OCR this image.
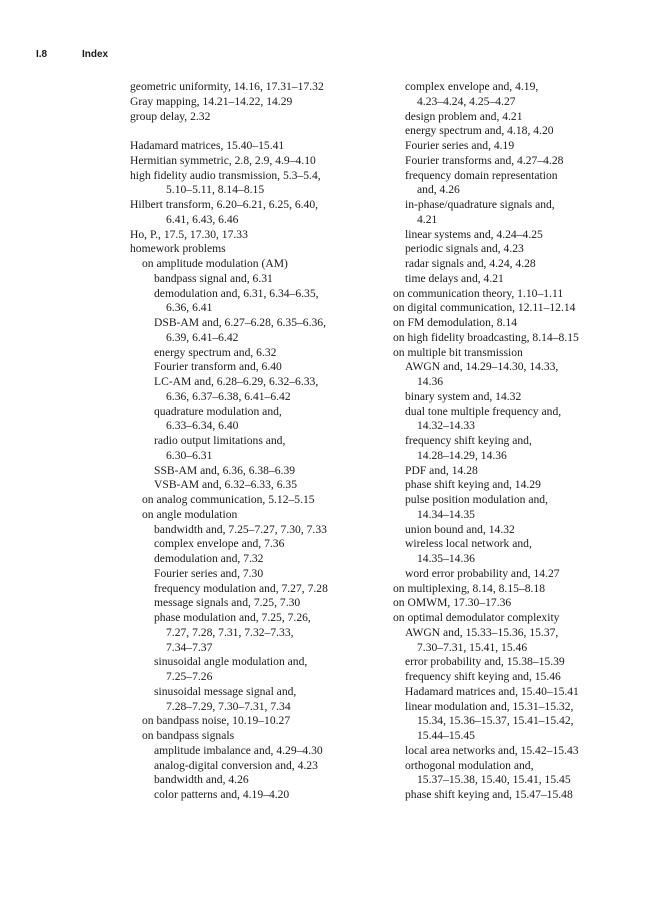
I.8	Index
geometric uniformity, 14.16, 17.31–17.32
Gray mapping, 14.21–14.22, 14.29
group delay, 2.32
Hadamard matrices, 15.40–15.41
Hermitian symmetric, 2.8, 2.9, 4.9–4.10
high fidelity audio transmission, 5.3–5.4,
5.10–5.11, 8.14–8.15
Hilbert transform, 6.20–6.21, 6.25, 6.40,
6.41, 6.43, 6.46
Ho, P., 17.5, 17.30, 17.33
homework problems
on amplitude modulation (AM)
bandpass signal and, 6.31
demodulation and, 6.31, 6.34–6.35,
6.36, 6.41
DSB-AM and, 6.27–6.28, 6.35–6.36,
6.39, 6.41–6.42
energy spectrum and, 6.32
Fourier transform and, 6.40
LC-AM and, 6.28–6.29, 6.32–6.33,
6.36, 6.37–6.38, 6.41–6.42
quadrature modulation and,
6.33–6.34, 6.40
radio output limitations and,
6.30–6.31
SSB-AM and, 6.36, 6.38–6.39
VSB-AM and, 6.32–6.33, 6.35
on analog communication, 5.12–5.15
on angle modulation
bandwidth and, 7.25–7.27, 7.30, 7.33
complex envelope and, 7.36
demodulation and, 7.32
Fourier series and, 7.30
frequency modulation and, 7.27, 7.28
message signals and, 7.25, 7.30
phase modulation and, 7.25, 7.26,
7.27, 7.28, 7.31, 7.32–7.33,
7.34–7.37
sinusoidal angle modulation and,
7.25–7.26
sinusoidal message signal and,
7.28–7.29, 7.30–7.31, 7.34
on bandpass noise, 10.19–10.27
on bandpass signals
amplitude imbalance and, 4.29–4.30
analog-digital conversion and, 4.23
bandwidth and, 4.26
color patterns and, 4.19–4.20
complex envelope and, 4.19,
4.23–4.24, 4.25–4.27
design problem and, 4.21
energy spectrum and, 4.18, 4.20
Fourier series and, 4.19
Fourier transforms and, 4.27–4.28
frequency domain representation
and, 4.26
in-phase/quadrature signals and,
4.21
linear systems and, 4.24–4.25
periodic signals and, 4.23
radar signals and, 4.24, 4.28
time delays and, 4.21
on communication theory, 1.10–1.11
on digital communication, 12.11–12.14
on FM demodulation, 8.14
on high fidelity broadcasting, 8.14–8.15
on multiple bit transmission
AWGN and, 14.29–14.30, 14.33,
14.36
binary system and, 14.32
dual tone multiple frequency and,
14.32–14.33
frequency shift keying and,
14.28–14.29, 14.36
PDF and, 14.28
phase shift keying and, 14.29
pulse position modulation and,
14.34–14.35
union bound and, 14.32
wireless local network and,
14.35–14.36
word error probability and, 14.27
on multiplexing, 8.14, 8.15–8.18
on OMWM, 17.30–17.36
on optimal demodulator complexity
AWGN and, 15.33–15.36, 15.37,
7.30–7.31, 15.41, 15.46
error probability and, 15.38–15.39
frequency shift keying and, 15.46
Hadamard matrices and, 15.40–15.41
linear modulation and, 15.31–15.32,
15.34, 15.36–15.37, 15.41–15.42,
15.44–15.45
local area networks and, 15.42–15.43
orthogonal modulation and,
15.37–15.38, 15.40, 15.41, 15.45
phase shift keying and, 15.47–15.48
